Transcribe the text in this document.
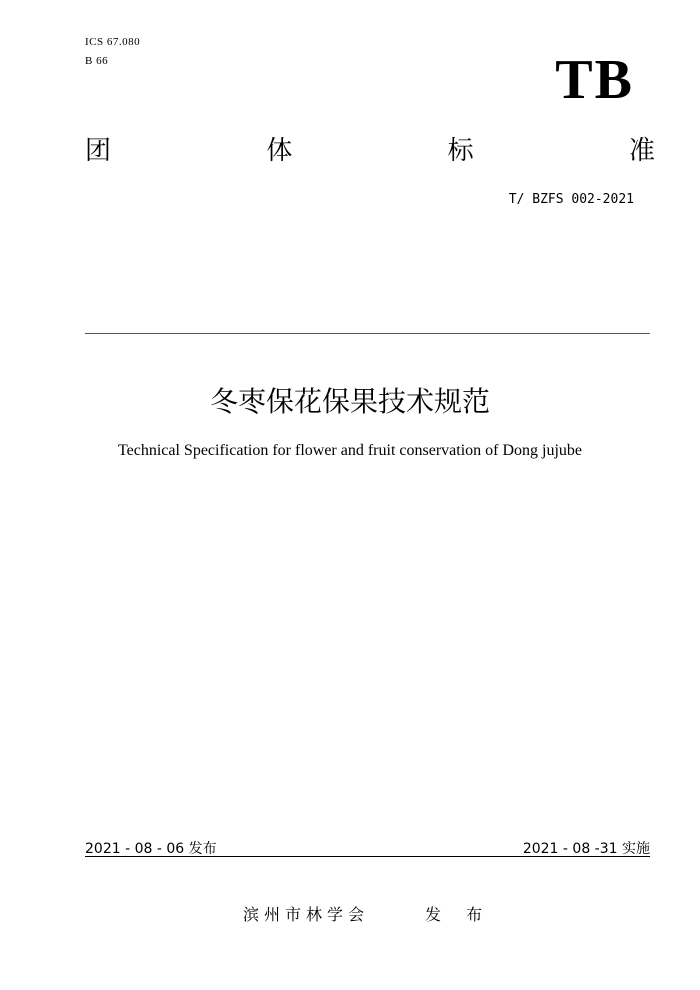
ICS 67.080
B 66	TB
团	体	标	准
T/ BZFS 002-2021
冬枣保花保果技术规范
Technical Specification for flower and fruit conservation of Dong jujube
2021 - 08 - 06 发布	2021 - 08 -31 实施
滨州市林学会	发 布
